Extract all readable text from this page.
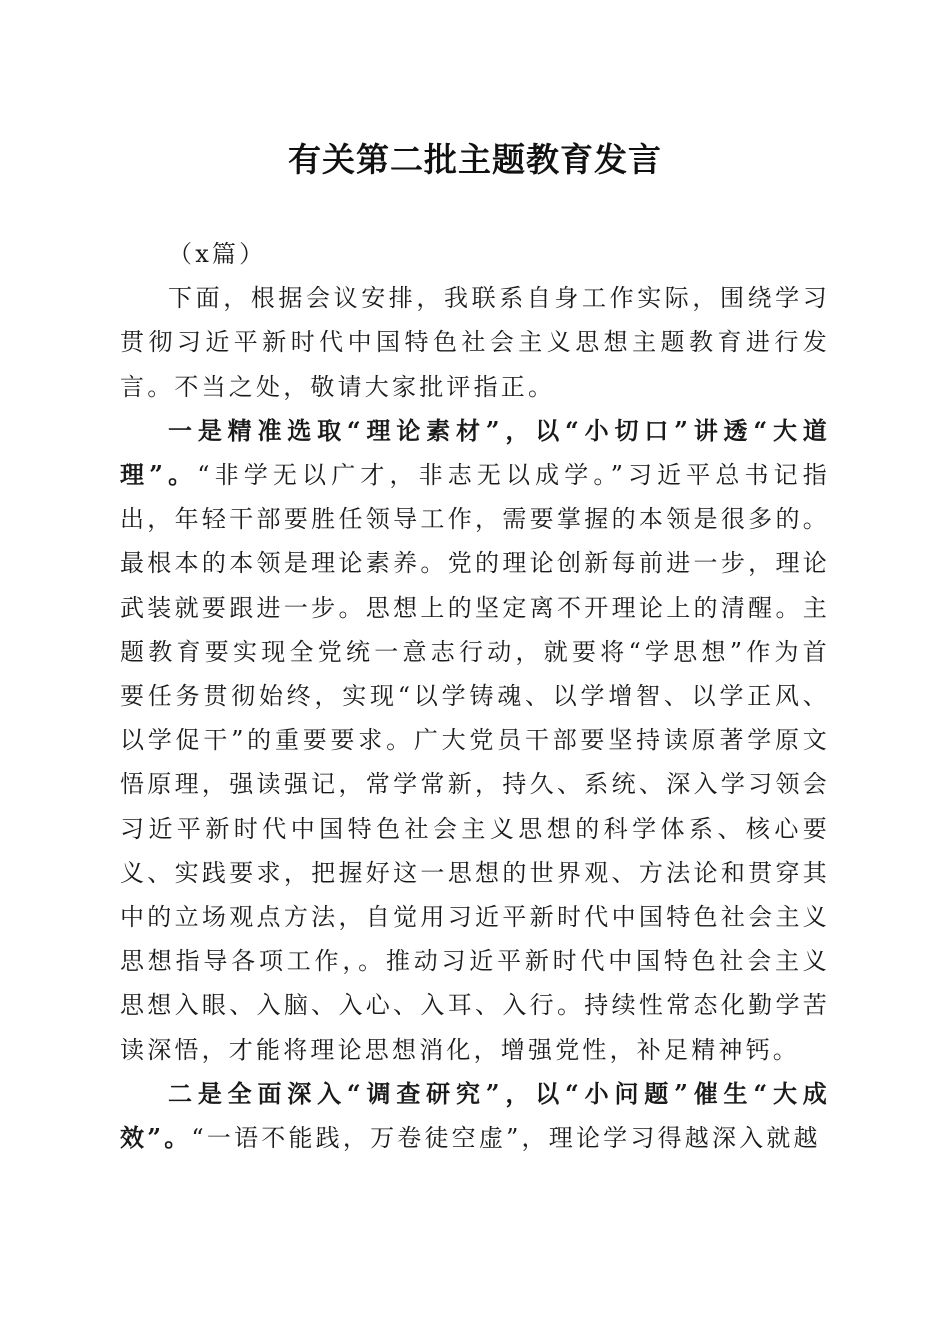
有关第二批主题教育发言

（x篇）

下面，根据会议安排，我联系自身工作实际，围绕学习贯彻习近平新时代中国特色社会主义思想主题教育进行发言。不当之处，敬请大家批评指正。

一是精准选取“理论素材”，以“小切口”讲透“大道理”。“非学无以广才，非志无以成学。”习近平总书记指出，年轻干部要胜任领导工作，需要掌握的本领是很多的。最根本的本领是理论素养。党的理论创新每前进一步，理论武装就要跟进一步。思想上的坚定离不开理论上的清醒。主题教育要实现全党统一意志行动，就要将“学思想”作为首要任务贯彻始终，实现“以学铸魂、以学增智、以学正风、以学促干”的重要要求。广大党员干部要坚持读原著学原文悟原理，强读强记，常学常新，持久、系统、深入学习领会习近平新时代中国特色社会主义思想的科学体系、核心要义、实践要求，把握好这一思想的世界观、方法论和贯穿其中的立场观点方法，自觉用习近平新时代中国特色社会主义思想指导各项工作，。推动习近平新时代中国特色社会主义思想入眼、入脑、入心、入耳、入行。持续性常态化勤学苦读深悟，才能将理论思想消化，增强党性，补足精神钙。

二是全面深入“调查研究”，以“小问题”催生“大成效”。“一语不能践，万卷徒空虚”，理论学习得越深入就越
